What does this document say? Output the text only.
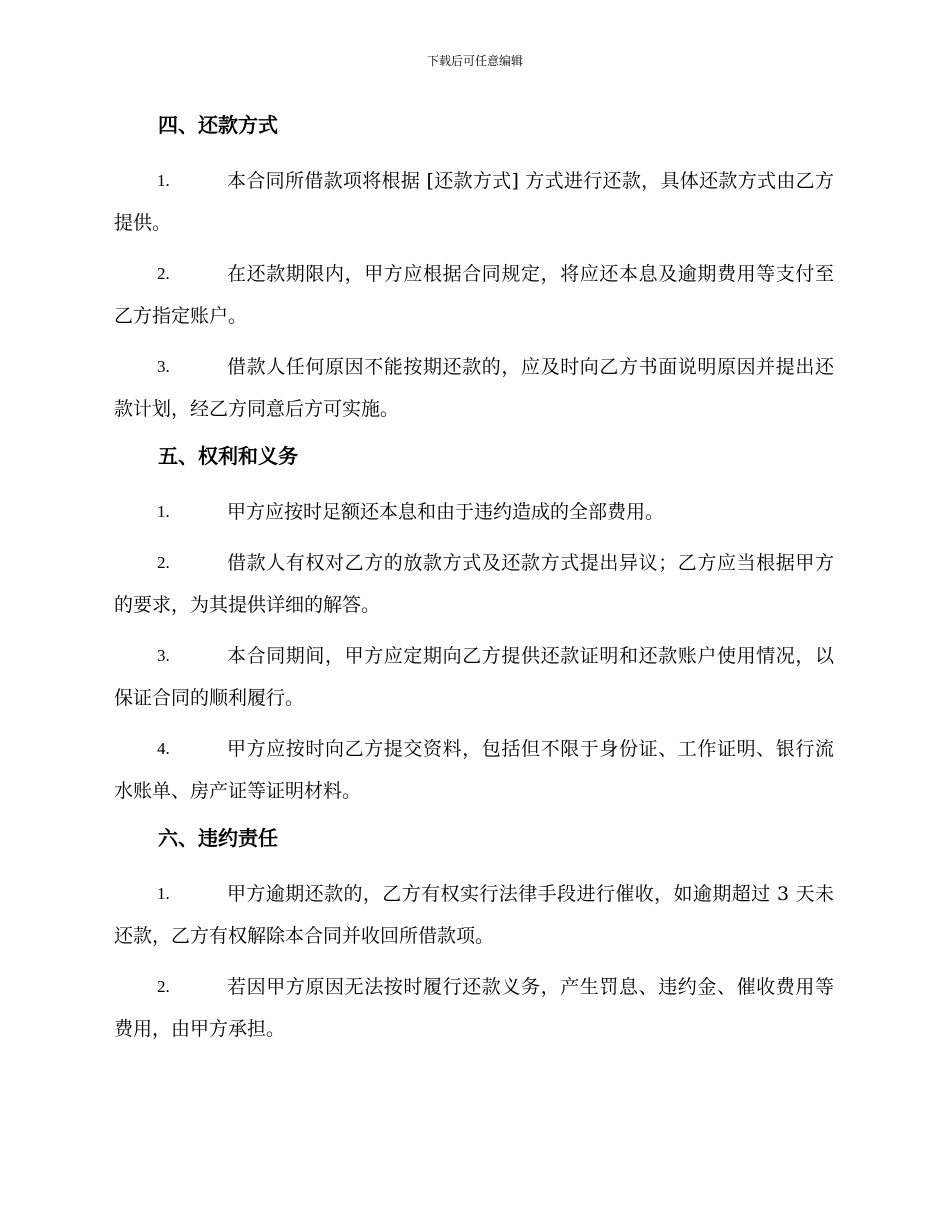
下载后可任意编辑
四、还款方式
1.	本合同所借款项将根据 [还款方式] 方式进行还款，具体还款方式由乙方提供。
2.	在还款期限内，甲方应根据合同规定，将应还本息及逾期费用等支付至乙方指定账户。
3.	借款人任何原因不能按期还款的，应及时向乙方书面说明原因并提出还款计划，经乙方同意后方可实施。
五、权利和义务
1.	甲方应按时足额还本息和由于违约造成的全部费用。
2.	借款人有权对乙方的放款方式及还款方式提出异议；乙方应当根据甲方的要求，为其提供详细的解答。
3.	本合同期间，甲方应定期向乙方提供还款证明和还款账户使用情况，以保证合同的顺利履行。
4.	甲方应按时向乙方提交资料，包括但不限于身份证、工作证明、银行流水账单、房产证等证明材料。
六、违约责任
1.	甲方逾期还款的，乙方有权实行法律手段进行催收，如逾期超过 3 天未还款，乙方有权解除本合同并收回所借款项。
2.	若因甲方原因无法按时履行还款义务，产生罚息、违约金、催收费用等费用，由甲方承担。
